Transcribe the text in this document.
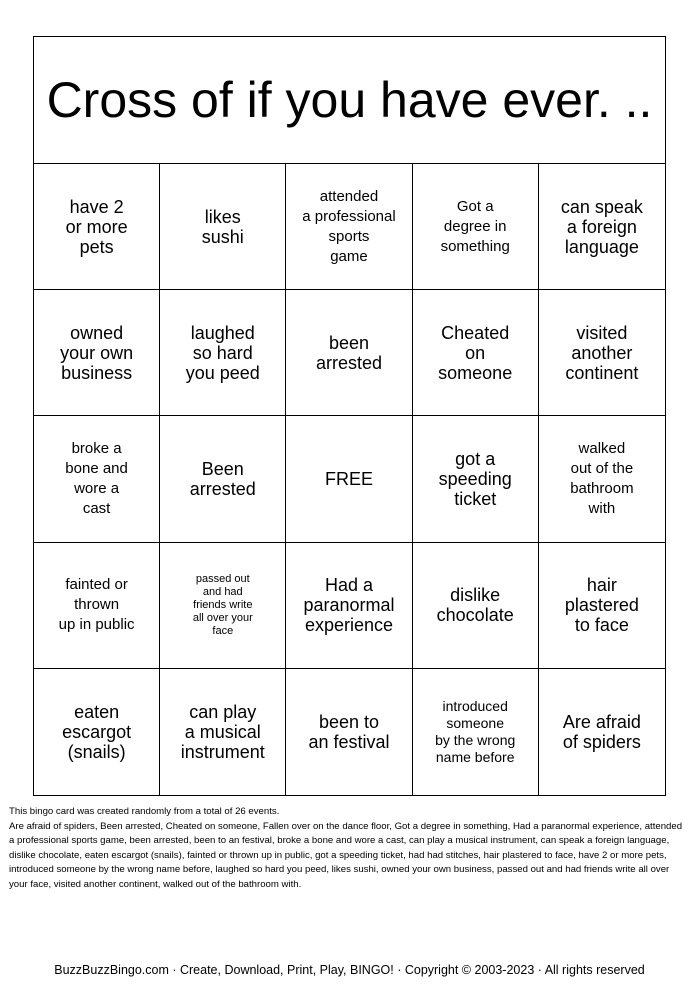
Cross of if you have ever. ..
have 2
or more
pets
likes
sushi
attended
a professional
sports
game
Got a
degree in
something
can speak
a foreign
language
owned
your own
business
laughed
so hard
you peed
been
arrested
Cheated
on
someone
visited
another
continent
broke a
bone and
wore a
cast
Been
arrested	FREE
got a
speeding
ticket
walked
out of the
bathroom
with
fainted or
thrown
up in public
passed out
and had
friends write
all over your
face
Had a
paranormal
experience
dislike
chocolate
hair
plastered
to face
eaten
escargot
(snails)
can play
a musical
instrument
been to
an festival
introduced
someone
by the wrong
name before
Are afraid
of spiders
This bingo card was created randomly from a total of 26 events.
Are afraid of spiders, Been arrested, Cheated on someone, Fallen over on the dance floor, Got a degree in something, Had a paranormal experience, attended a professional sports game, been arrested, been to an festival, broke a bone and wore a cast, can play a musical instrument, can speak a foreign language, dislike chocolate, eaten escargot (snails), fainted or thrown up in public, got a speeding ticket, had had stitches, hair plastered to face, have 2 or more pets, introduced someone by the wrong name before, laughed so hard you peed, likes sushi, owned your own business, passed out and had friends write all over your face, visited another continent, walked out of the bathroom with.
BuzzBuzzBingo.com · Create, Download, Print, Play, BINGO! · Copyright © 2003-2023 · All rights reserved
